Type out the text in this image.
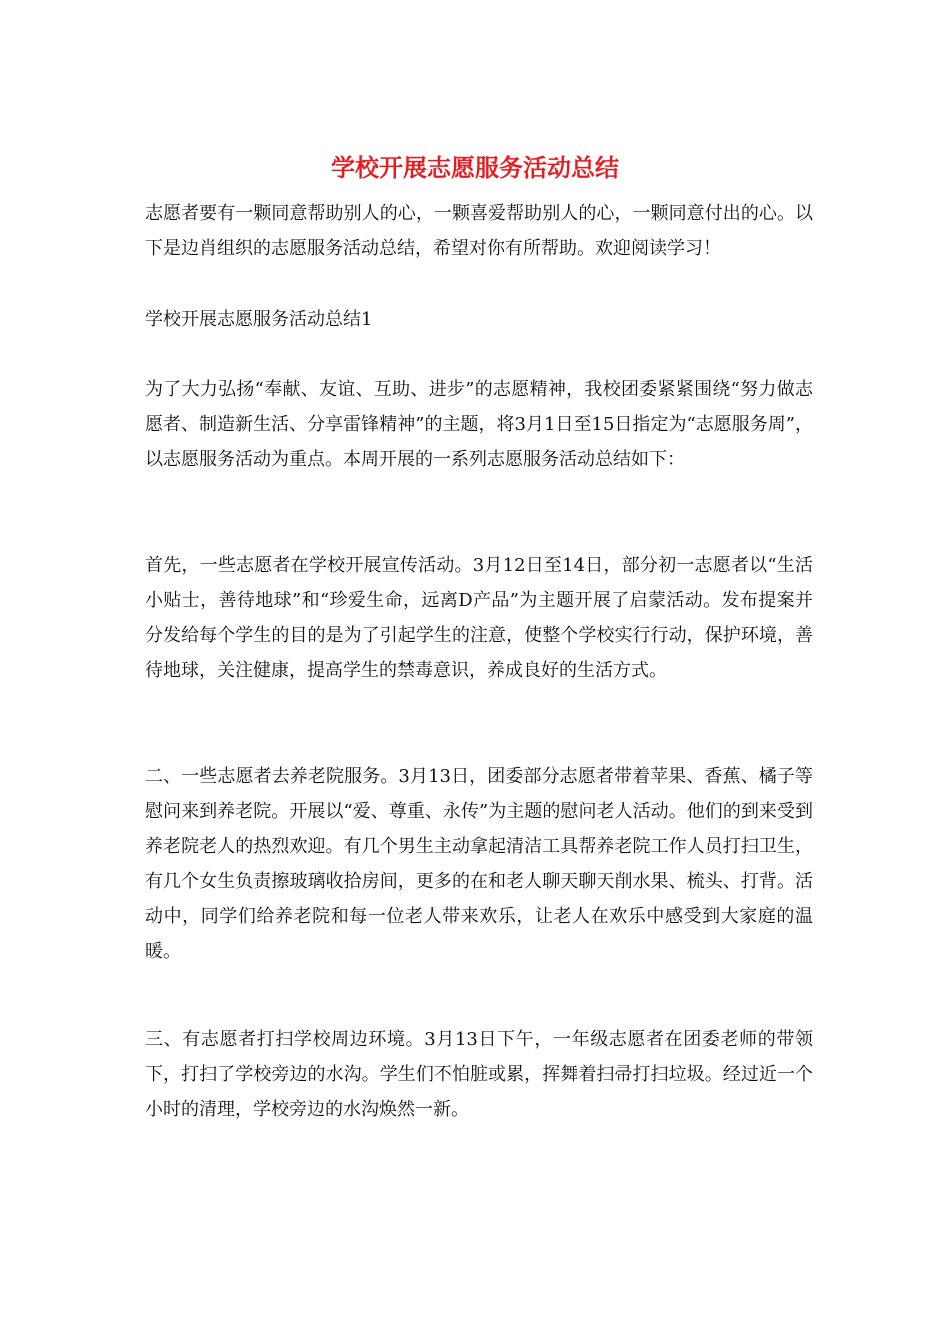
学校开展志愿服务活动总结

志愿者要有一颗同意帮助别人的心，一颗喜爱帮助别人的心，一颗同意付出的心。以下是边肖组织的志愿服务活动总结，希望对你有所帮助。欢迎阅读学习！

学校开展志愿服务活动总结1

为了大力弘扬“奉献、友谊、互助、进步”的志愿精神，我校团委紧紧围绕“努力做志愿者、制造新生活、分享雷锋精神”的主题，将3月1日至15日指定为“志愿服务周”，以志愿服务活动为重点。本周开展的一系列志愿服务活动总结如下：

首先，一些志愿者在学校开展宣传活动。3月12日至14日，部分初一志愿者以“生活小贴士，善待地球”和“珍爱生命，远离D产品”为主题开展了启蒙活动。发布提案并分发给每个学生的目的是为了引起学生的注意，使整个学校实行行动，保护环境，善待地球，关注健康，提高学生的禁毒意识，养成良好的生活方式。

二、一些志愿者去养老院服务。3月13日，团委部分志愿者带着苹果、香蕉、橘子等慰问来到养老院。开展以“爱、尊重、永传”为主题的慰问老人活动。他们的到来受到养老院老人的热烈欢迎。有几个男生主动拿起清洁工具帮养老院工作人员打扫卫生，有几个女生负责擦玻璃收拾房间，更多的在和老人聊天聊天削水果、梳头、打背。活动中，同学们给养老院和每一位老人带来欢乐，让老人在欢乐中感受到大家庭的温暖。

三、有志愿者打扫学校周边环境。3月13日下午，一年级志愿者在团委老师的带领下，打扫了学校旁边的水沟。学生们不怕脏或累，挥舞着扫帚打扫垃圾。经过近一个小时的清理，学校旁边的水沟焕然一新。
